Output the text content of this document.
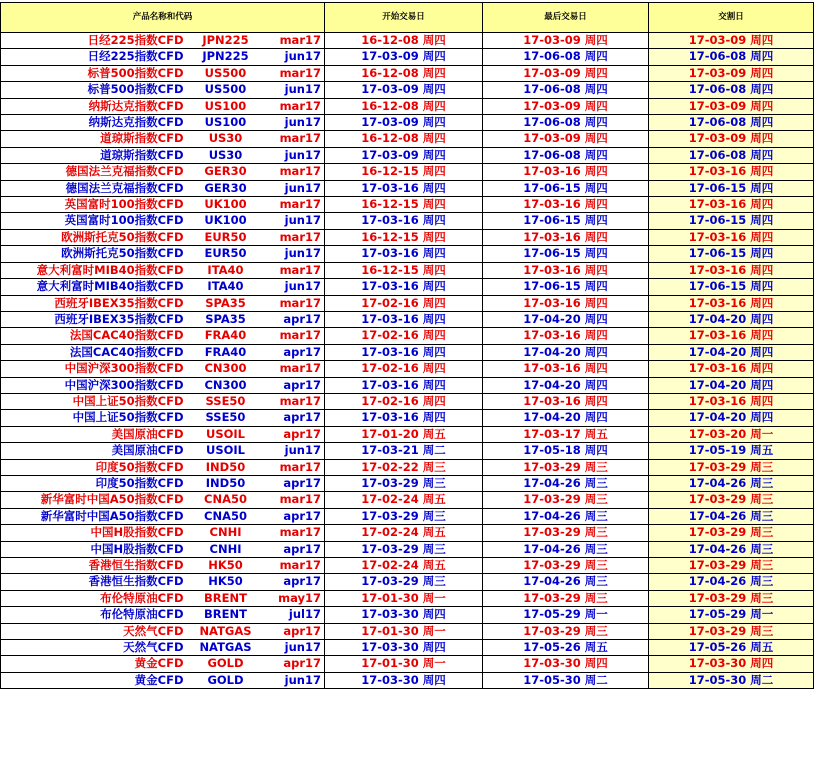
产品名称和代码			开始交易日	最后交易日	交割日
日经225指数CFD	JPN225	mar17	16-12-08 周四	17-03-09 周四	17-03-09 周四
日经225指数CFD	JPN225	jun17	17-03-09 周四	17-06-08 周四	17-06-08 周四
标普500指数CFD	US500	mar17	16-12-08 周四	17-03-09 周四	17-03-09 周四
标普500指数CFD	US500	jun17	17-03-09 周四	17-06-08 周四	17-06-08 周四
纳斯达克指数CFD	US100	mar17	16-12-08 周四	17-03-09 周四	17-03-09 周四
纳斯达克指数CFD	US100	jun17	17-03-09 周四	17-06-08 周四	17-06-08 周四
道琼斯指数CFD	US30	mar17	16-12-08 周四	17-03-09 周四	17-03-09 周四
道琼斯指数CFD	US30	jun17	17-03-09 周四	17-06-08 周四	17-06-08 周四
德国法兰克福指数CFD	GER30	mar17	16-12-15 周四	17-03-16 周四	17-03-16 周四
德国法兰克福指数CFD	GER30	jun17	17-03-16 周四	17-06-15 周四	17-06-15 周四
英国富时100指数CFD	UK100	mar17	16-12-15 周四	17-03-16 周四	17-03-16 周四
英国富时100指数CFD	UK100	jun17	17-03-16 周四	17-06-15 周四	17-06-15 周四
欧洲斯托克50指数CFD	EUR50	mar17	16-12-15 周四	17-03-16 周四	17-03-16 周四
欧洲斯托克50指数CFD	EUR50	jun17	17-03-16 周四	17-06-15 周四	17-06-15 周四
意大利富时MIB40指数CFD	ITA40	mar17	16-12-15 周四	17-03-16 周四	17-03-16 周四
意大利富时MIB40指数CFD	ITA40	jun17	17-03-16 周四	17-06-15 周四	17-06-15 周四
西班牙IBEX35指数CFD	SPA35	mar17	17-02-16 周四	17-03-16 周四	17-03-16 周四
西班牙IBEX35指数CFD	SPA35	apr17	17-03-16 周四	17-04-20 周四	17-04-20 周四
法国CAC40指数CFD	FRA40	mar17	17-02-16 周四	17-03-16 周四	17-03-16 周四
法国CAC40指数CFD	FRA40	apr17	17-03-16 周四	17-04-20 周四	17-04-20 周四
中国沪深300指数CFD	CN300	mar17	17-02-16 周四	17-03-16 周四	17-03-16 周四
中国沪深300指数CFD	CN300	apr17	17-03-16 周四	17-04-20 周四	17-04-20 周四
中国上证50指数CFD	SSE50	mar17	17-02-16 周四	17-03-16 周四	17-03-16 周四
中国上证50指数CFD	SSE50	apr17	17-03-16 周四	17-04-20 周四	17-04-20 周四
美国原油CFD	USOIL	apr17	17-01-20 周五	17-03-17 周五	17-03-20 周一
美国原油CFD	USOIL	jun17	17-03-21 周二	17-05-18 周四	17-05-19 周五
印度50指数CFD	IND50	mar17	17-02-22 周三	17-03-29 周三	17-03-29 周三
印度50指数CFD	IND50	apr17	17-03-29 周三	17-04-26 周三	17-04-26 周三
新华富时中国A50指数CFD	CNA50	mar17	17-02-24 周五	17-03-29 周三	17-03-29 周三
新华富时中国A50指数CFD	CNA50	apr17	17-03-29 周三	17-04-26 周三	17-04-26 周三
中国H股指数CFD	CNHI	mar17	17-02-24 周五	17-03-29 周三	17-03-29 周三
中国H股指数CFD	CNHI	apr17	17-03-29 周三	17-04-26 周三	17-04-26 周三
香港恒生指数CFD	HK50	mar17	17-02-24 周五	17-03-29 周三	17-03-29 周三
香港恒生指数CFD	HK50	apr17	17-03-29 周三	17-04-26 周三	17-04-26 周三
布伦特原油CFD	BRENT	may17	17-01-30 周一	17-03-29 周三	17-03-29 周三
布伦特原油CFD	BRENT	jul17	17-03-30 周四	17-05-29 周一	17-05-29 周一
天然气CFD	NATGAS	apr17	17-01-30 周一	17-03-29 周三	17-03-29 周三
天然气CFD	NATGAS	jun17	17-03-30 周四	17-05-26 周五	17-05-26 周五
黄金CFD	GOLD	apr17	17-01-30 周一	17-03-30 周四	17-03-30 周四
黄金CFD	GOLD	jun17	17-03-30 周四	17-05-30 周二	17-05-30 周二
